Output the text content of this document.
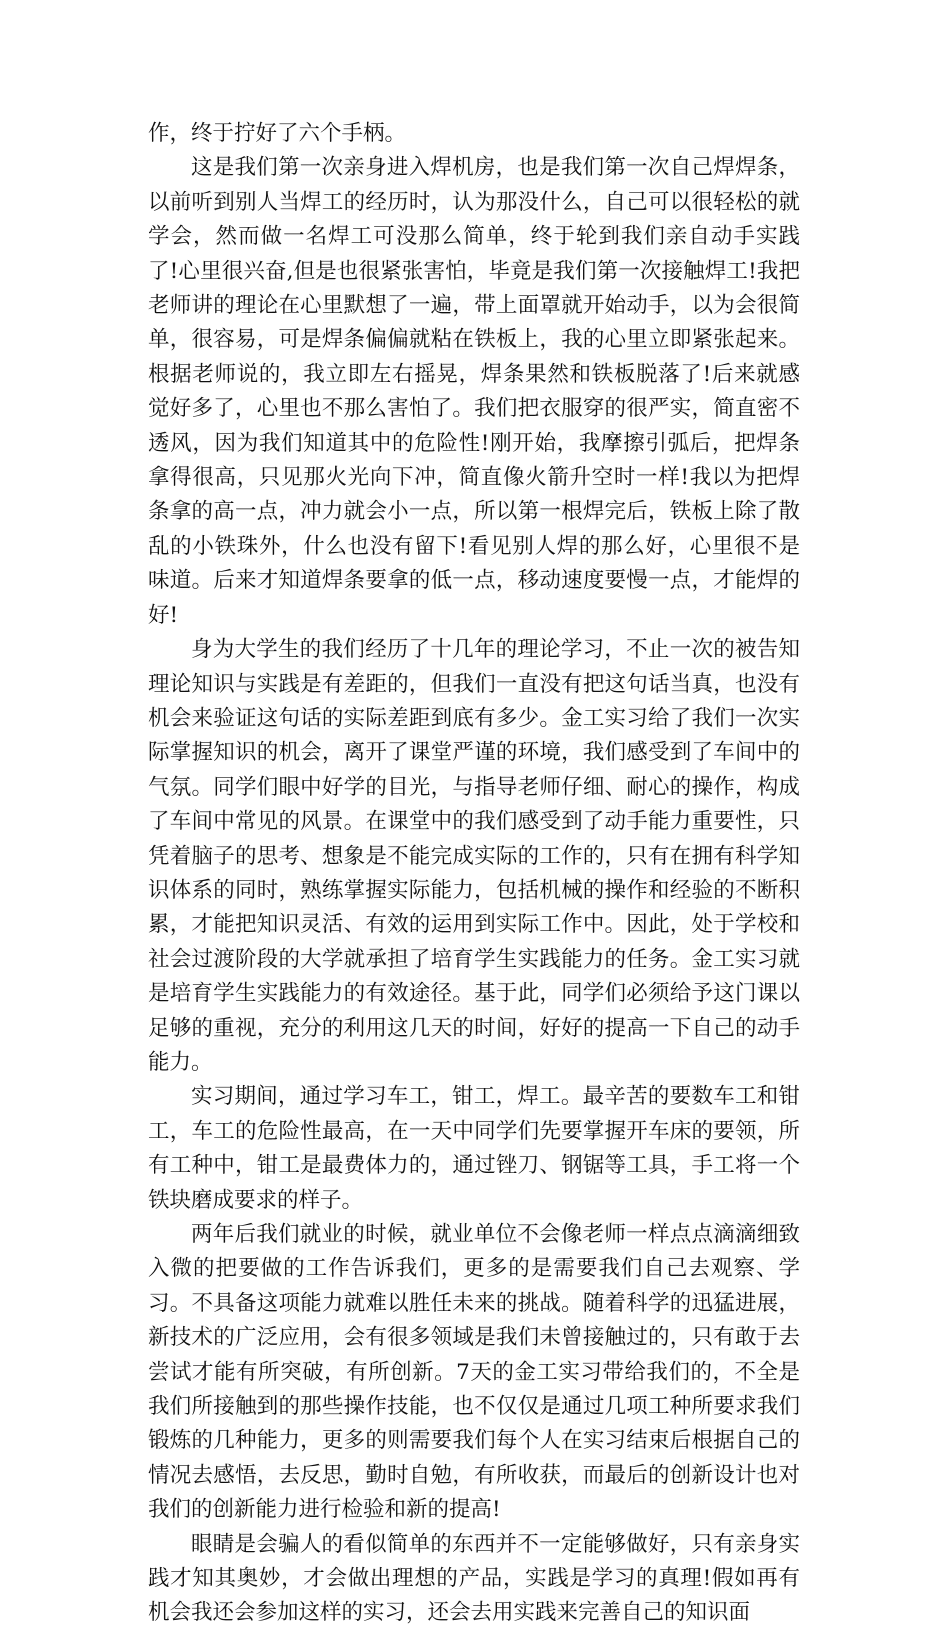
作，终于拧好了六个手柄。

这是我们第一次亲身进入焊机房，也是我们第一次自己焊焊条，以前听到别人当焊工的经历时，认为那没什么，自己可以很轻松的就学会，然而做一名焊工可没那么简单，终于轮到我们亲自动手实践了!心里很兴奋,但是也很紧张害怕，毕竟是我们第一次接触焊工!我把老师讲的理论在心里默想了一遍，带上面罩就开始动手，以为会很简单，很容易，可是焊条偏偏就粘在铁板上，我的心里立即紧张起来。根据老师说的，我立即左右摇晃，焊条果然和铁板脱落了!后来就感觉好多了，心里也不那么害怕了。我们把衣服穿的很严实，简直密不透风，因为我们知道其中的危险性!刚开始，我摩擦引弧后，把焊条拿得很高，只见那火光向下冲，简直像火箭升空时一样!我以为把焊条拿的高一点，冲力就会小一点，所以第一根焊完后，铁板上除了散乱的小铁珠外，什么也没有留下!看见别人焊的那么好，心里很不是味道。后来才知道焊条要拿的低一点，移动速度要慢一点，才能焊的好!

身为大学生的我们经历了十几年的理论学习，不止一次的被告知理论知识与实践是有差距的，但我们一直没有把这句话当真，也没有机会来验证这句话的实际差距到底有多少。金工实习给了我们一次实际掌握知识的机会，离开了课堂严谨的环境，我们感受到了车间中的气氛。同学们眼中好学的目光，与指导老师仔细、耐心的操作，构成了车间中常见的风景。在课堂中的我们感受到了动手能力重要性，只凭着脑子的思考、想象是不能完成实际的工作的，只有在拥有科学知识体系的同时，熟练掌握实际能力，包括机械的操作和经验的不断积累，才能把知识灵活、有效的运用到实际工作中。因此，处于学校和社会过渡阶段的大学就承担了培育学生实践能力的任务。金工实习就是培育学生实践能力的有效途径。基于此，同学们必须给予这门课以足够的重视，充分的利用这几天的时间，好好的提高一下自己的动手能力。

实习期间，通过学习车工，钳工，焊工。最辛苦的要数车工和钳工，车工的危险性最高，在一天中同学们先要掌握开车床的要领，所有工种中，钳工是最费体力的，通过锉刀、钢锯等工具，手工将一个铁块磨成要求的样子。

两年后我们就业的时候，就业单位不会像老师一样点点滴滴细致入微的把要做的工作告诉我们，更多的是需要我们自己去观察、学习。不具备这项能力就难以胜任未来的挑战。随着科学的迅猛进展，新技术的广泛应用，会有很多领域是我们未曾接触过的，只有敢于去尝试才能有所突破，有所创新。7天的金工实习带给我们的，不全是我们所接触到的那些操作技能，也不仅仅是通过几项工种所要求我们锻炼的几种能力，更多的则需要我们每个人在实习结束后根据自己的情况去感悟，去反思，勤时自勉，有所收获，而最后的创新设计也对我们的创新能力进行检验和新的提高!

眼睛是会骗人的看似简单的东西并不一定能够做好，只有亲身实践才知其奥妙，才会做出理想的产品，实践是学习的真理!假如再有机会我还会参加这样的实习，还会去用实践来完善自己的知识面
